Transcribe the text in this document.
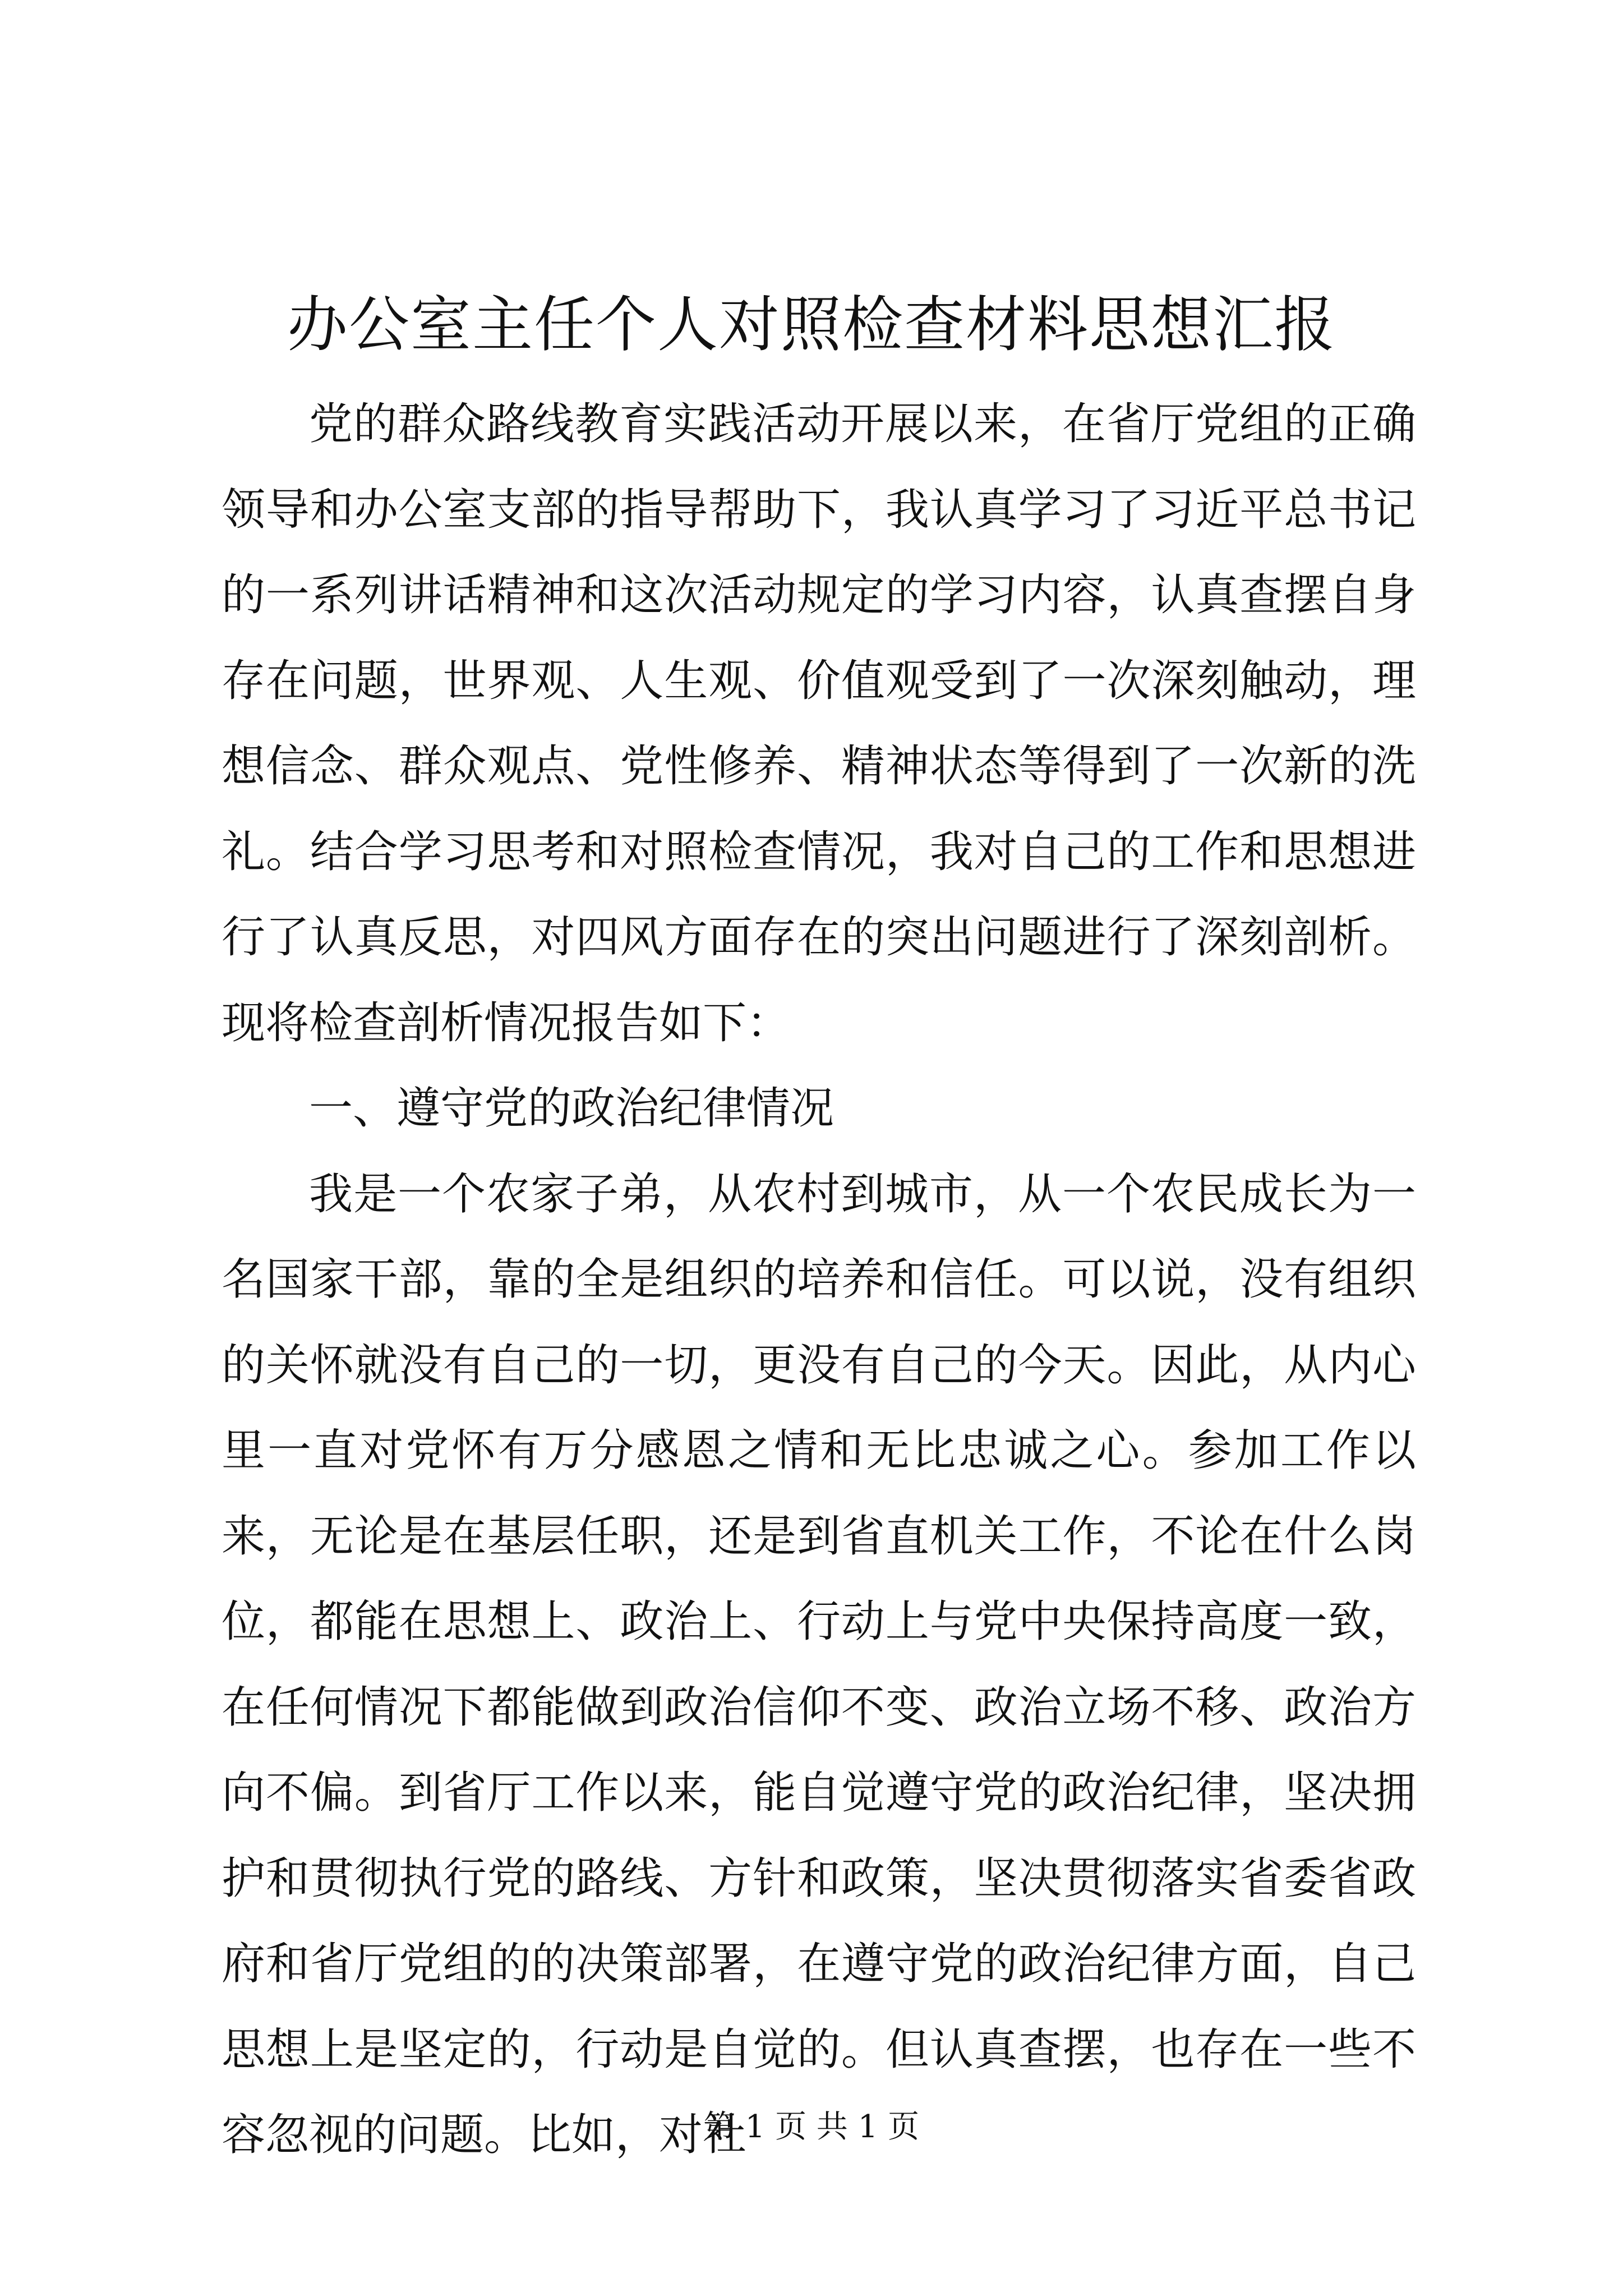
办公室主任个人对照检查材料思想汇报

党的群众路线教育实践活动开展以来，在省厅党组的正确领导和办公室支部的指导帮助下，我认真学习了习近平总书记的一系列讲话精神和这次活动规定的学习内容，认真查摆自身存在问题，世界观、人生观、价值观受到了一次深刻触动，理想信念、群众观点、党性修养、精神状态等得到了一次新的洗礼。结合学习思考和对照检查情况，我对自己的工作和思想进行了认真反思，对四风方面存在的突出问题进行了深刻剖析。现将检查剖析情况报告如下：

一、遵守党的政治纪律情况

我是一个农家子弟，从农村到城市，从一个农民成长为一名国家干部，靠的全是组织的培养和信任。可以说，没有组织的关怀就没有自己的一切，更没有自己的今天。因此，从内心里一直对党怀有万分感恩之情和无比忠诚之心。参加工作以来，无论是在基层任职，还是到省直机关工作，不论在什么岗位，都能在思想上、政治上、行动上与党中央保持高度一致，在任何情况下都能做到政治信仰不变、政治立场不移、政治方向不偏。到省厅工作以来，能自觉遵守党的政治纪律，坚决拥护和贯彻执行党的路线、方针和政策，坚决贯彻落实省委省政府和省厅党组的的决策部署，在遵守党的政治纪律方面，自己思想上是坚定的，行动是自觉的。但认真查摆，也存在一些不容忽视的问题。比如，对社

第 1 页 共 1 页
